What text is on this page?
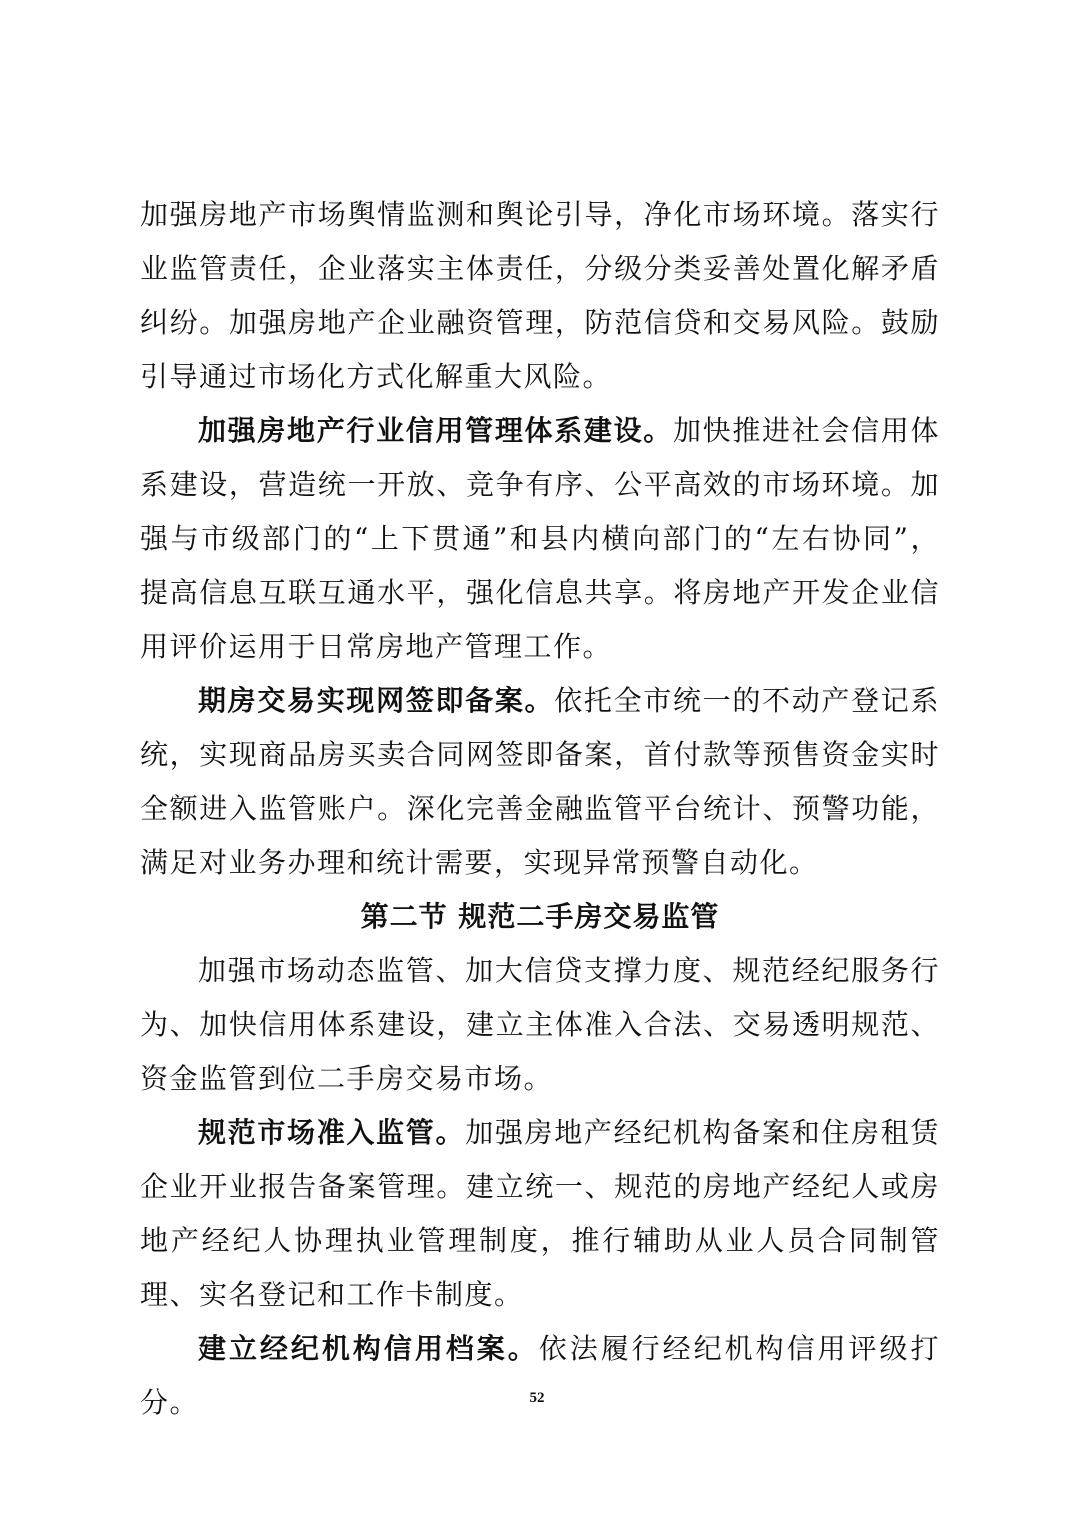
加强房地产市场舆情监测和舆论引导，净化市场环境。落实行业监管责任，企业落实主体责任，分级分类妥善处置化解矛盾纠纷。加强房地产企业融资管理，防范信贷和交易风险。鼓励引导通过市场化方式化解重大风险。

加强房地产行业信用管理体系建设。加快推进社会信用体系建设，营造统一开放、竞争有序、公平高效的市场环境。加强与市级部门的“上下贯通”和县内横向部门的“左右协同”，提高信息互联互通水平，强化信息共享。将房地产开发企业信用评价运用于日常房地产管理工作。

期房交易实现网签即备案。依托全市统一的不动产登记系统，实现商品房买卖合同网签即备案，首付款等预售资金实时全额进入监管账户。深化完善金融监管平台统计、预警功能，满足对业务办理和统计需要，实现异常预警自动化。

第二节 规范二手房交易监管

加强市场动态监管、加大信贷支撑力度、规范经纪服务行为、加快信用体系建设，建立主体准入合法、交易透明规范、资金监管到位二手房交易市场。

规范市场准入监管。加强房地产经纪机构备案和住房租赁企业开业报告备案管理。建立统一、规范的房地产经纪人或房地产经纪人协理执业管理制度，推行辅助从业人员合同制管理、实名登记和工作卡制度。

建立经纪机构信用档案。依法履行经纪机构信用评级打分。	52
